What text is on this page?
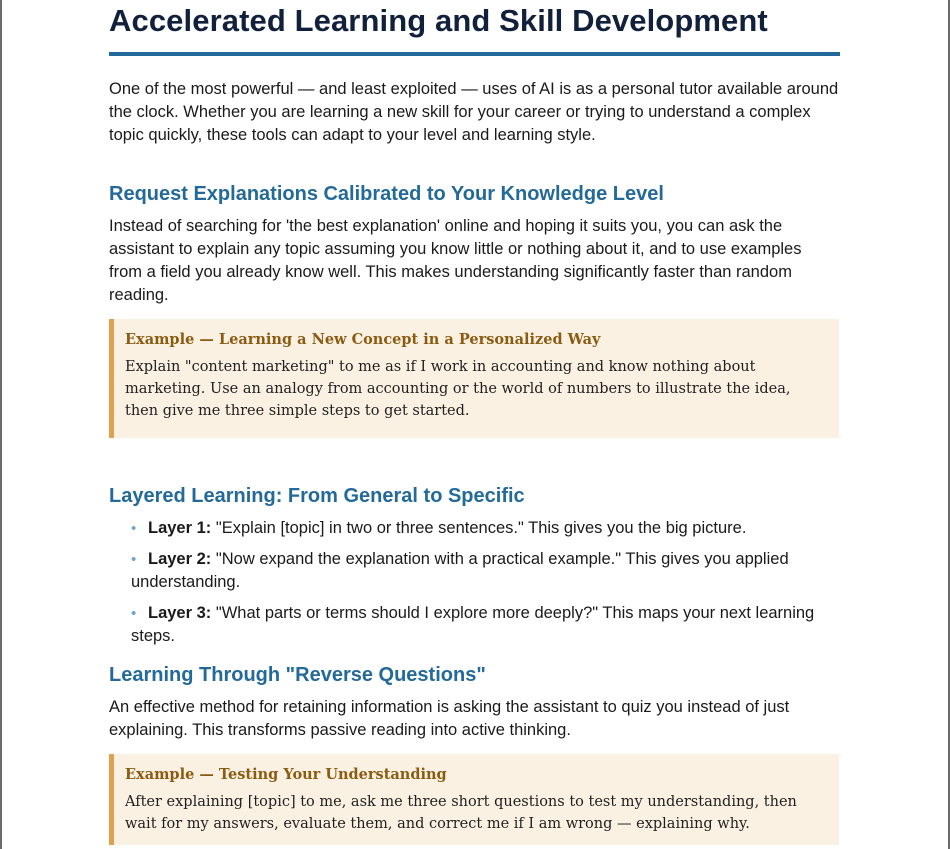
Accelerated Learning and Skill Development

One of the most powerful — and least exploited — uses of AI is as a personal tutor available around the clock. Whether you are learning a new skill for your career or trying to understand a complex topic quickly, these tools can adapt to your level and learning style.

Request Explanations Calibrated to Your Knowledge Level

Instead of searching for 'the best explanation' online and hoping it suits you, you can ask the assistant to explain any topic assuming you know little or nothing about it, and to use examples from a field you already know well. This makes understanding significantly faster than random reading.

Example — Learning a New Concept in a Personalized Way
Explain "content marketing" to me as if I work in accounting and know nothing about marketing. Use an analogy from accounting or the world of numbers to illustrate the idea, then give me three simple steps to get started.
Layered Learning: From General to Specific
• Layer 1: "Explain [topic] in two or three sentences." This gives you the big picture.
• Layer 2: "Now expand the explanation with a practical example." This gives you applied understanding.
• Layer 3: "What parts or terms should I explore more deeply?" This maps your next learning steps.
Learning Through "Reverse Questions"

An effective method for retaining information is asking the assistant to quiz you instead of just explaining. This transforms passive reading into active thinking.

Example — Testing Your Understanding
After explaining [topic] to me, ask me three short questions to test my understanding, then wait for my answers, evaluate them, and correct me if I am wrong — explaining why.
